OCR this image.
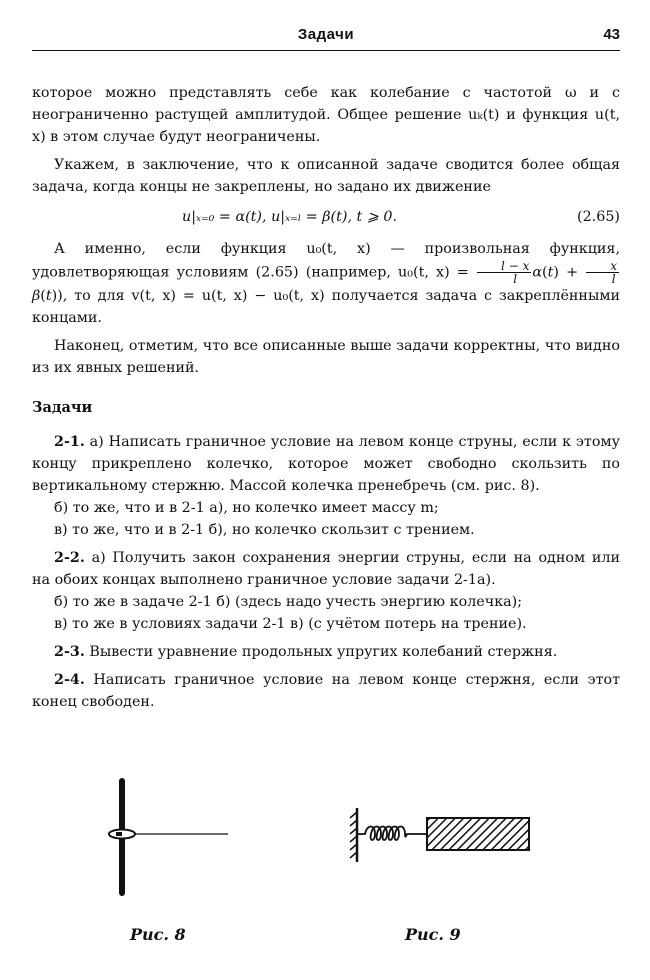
Задачи	43

которое можно представлять себе как колебание с частотой ω и с неограниченно растущей амплитудой. Общее решение uₖ(t) и функция u(t, x) в этом случае будут неограничены.

Укажем, в заключение, что к описанной задаче сводится более общая задача, когда концы не закреплены, но задано их движение

u|ₓ₌₀ = α(t), u|ₓ₌ₗ = β(t), t ⩾ 0.	(2.65)

А именно, если функция u₀(t, x) — произвольная функция, удовлетворяющая условиям (2.65) (например, u₀(t, $x) = \frac{l - x}{l} \alpha(t) + \frac{x}{l}$
β(t)), то для v(t, x) = u(t, x) − u₀(t, x) получается задача с закреплёнными концами.

Наконец, отметим, что все описанные выше задачи корректны, что видно из их явных решений.

Задачи

2-1. а) Написать граничное условие на левом конце струны, если к этому концу прикреплено колечко, которое может свободно скользить по вертикальному стержню. Массой колечка пренебречь (см. рис. 8).

б) то же, что и в 2-1 а), но колечко имеет массу m;

в) то же, что и в 2-1 б), но колечко скользит с трением.

2-2. а) Получить закон сохранения энергии струны, если на одном или на обоих концах выполнено граничное условие задачи 2-1а).

б) то же в задаче 2-1 б) (здесь надо учесть энергию колечка);

в) то же в условиях задачи 2-1 в) (с учётом потерь на трение).

2-3. Вывести уравнение продольных упругих колебаний стержня.

2-4. Написать граничное условие на левом конце стержня, если этот конец свободен.

Рис. 8	Рис. 9
